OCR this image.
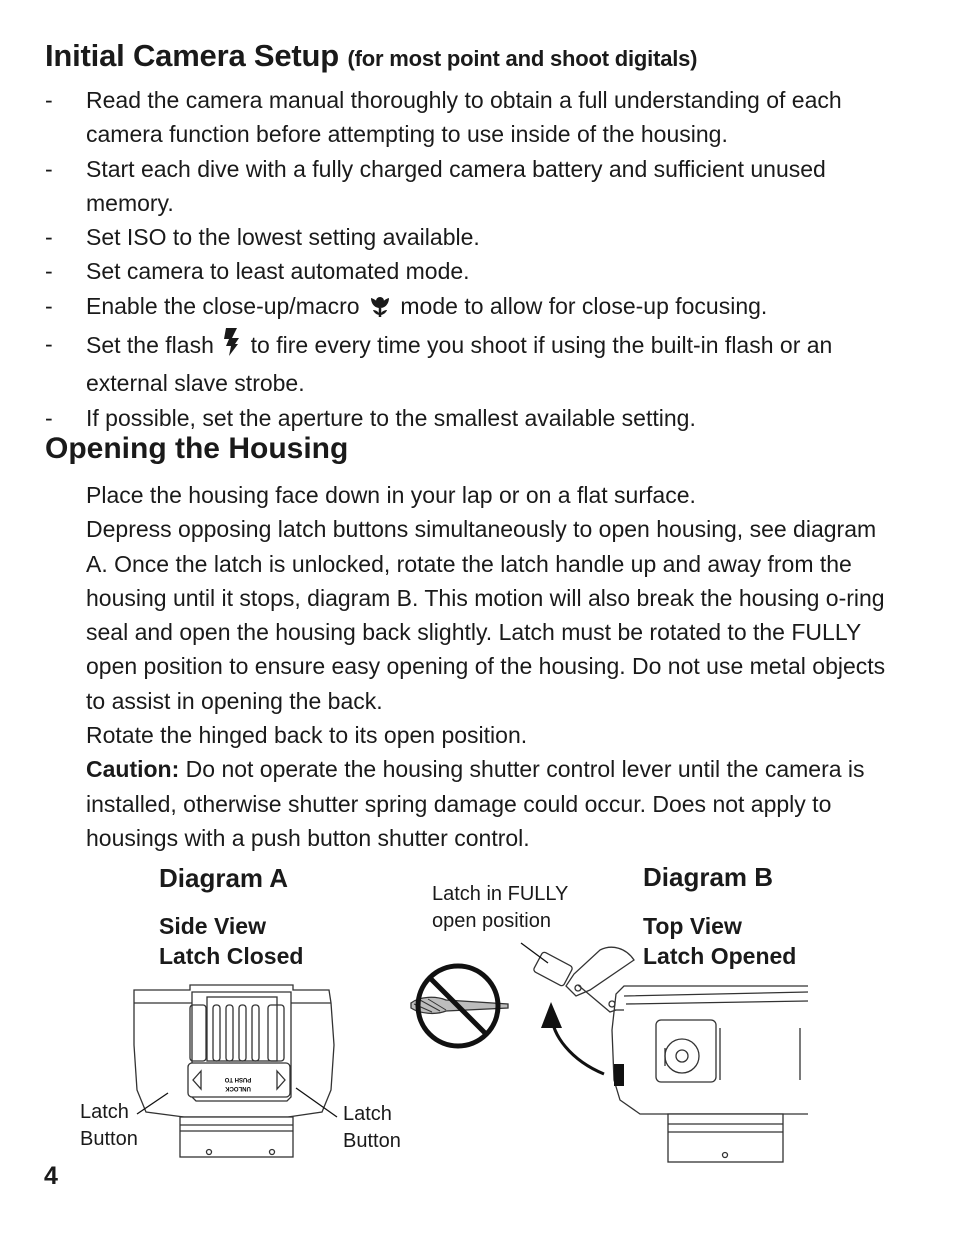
Initial Camera Setup (for most point and shoot digitals)
-	Read the camera manual thoroughly to obtain a full understanding of each camera function before attempting to use inside of the housing.
-	Start each dive with a fully charged camera battery and sufficient unused memory.
-	Set ISO to the lowest setting available.
-	Set camera to least automated mode.
-	Enable the close-up/macro mode to allow for close-up focusing.
-	Set the flash to fire every time you shoot if using the built-in flash or an external slave strobe.
-	If possible, set the aperture to the smallest available setting.
Opening the Housing

Place the housing face down in your lap or on a flat surface.

Depress opposing latch buttons simultaneously to open housing, see diagram A. Once the latch is unlocked, rotate the latch handle up and away from the housing until it stops, diagram B. This motion will also break the housing o-ring seal and open the housing back slightly. Latch must be rotated to the FULLY open position to ensure easy opening of the housing. Do not use metal objects to assist in opening the back.

Rotate the hinged back to its open position.

Caution: Do not operate the housing shutter control lever until the camera is installed, otherwise shutter spring damage could occur. Does not apply to housings with a push button shutter control.

Diagram A
Side View
Latch Closed
Latch
Button
Latch
Button
Diagram B
Top View
Latch Opened
Latch in FULLY
open position
PUSH TO
UNLOCK
4
